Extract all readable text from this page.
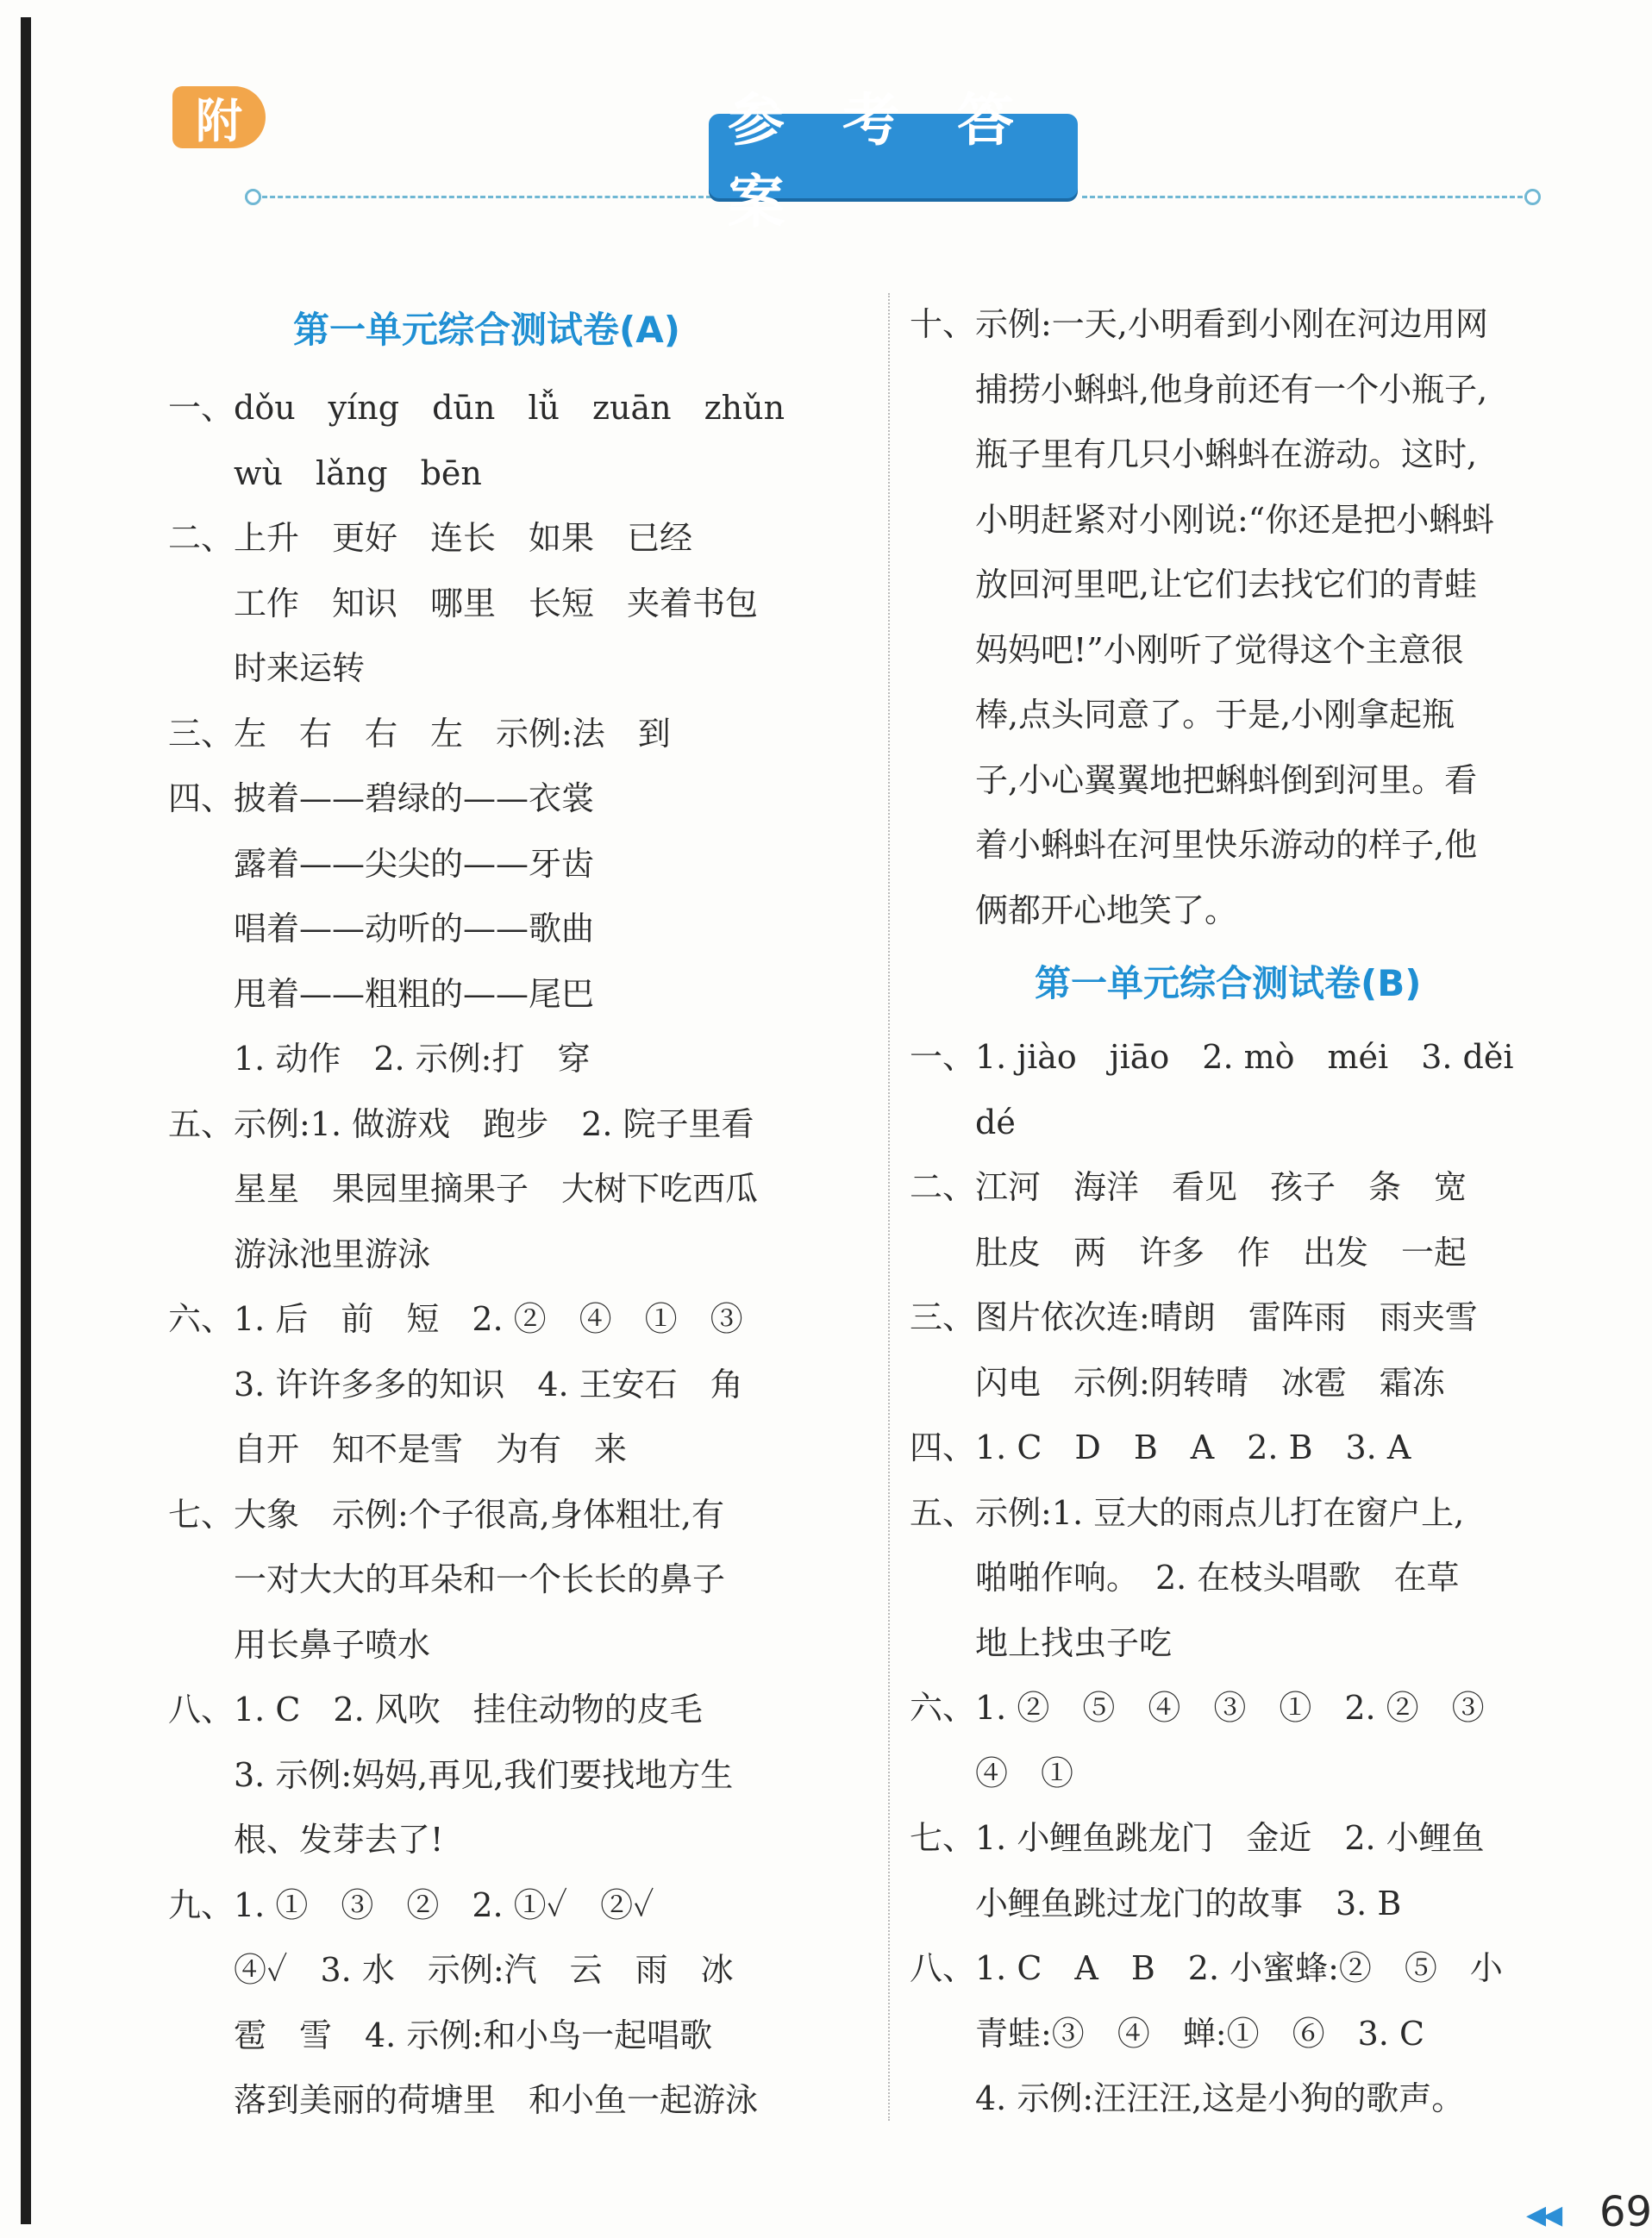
附	参 考 答 案
第一单元综合测试卷(A)
一、dǒu　yíng　dūn　lǚ　zuān　zhǔn
　　wù　lǎng　bēn
二、上升　更好　连长　如果　已经
　　工作　知识　哪里　长短　夹着书包
　　时来运转
三、左　右　右　左　示例:法　到
四、披着——碧绿的——衣裳
　　露着——尖尖的——牙齿
　　唱着——动听的——歌曲
　　甩着——粗粗的——尾巴
　　1. 动作　2. 示例:打　穿
五、示例:1. 做游戏　跑步　2. 院子里看
　　星星　果园里摘果子　大树下吃西瓜
　　游泳池里游泳
六、1. 后　前　短　2. ②　④　①　③
　　3. 许许多多的知识　4. 王安石　角
　　自开　知不是雪　为有　来
七、大象　示例:个子很高,身体粗壮,有
　　一对大大的耳朵和一个长长的鼻子
　　用长鼻子喷水
八、1. C　2. 风吹　挂住动物的皮毛
　　3. 示例:妈妈,再见,我们要找地方生
　　根、发芽去了!
九、1. ①　③　②　2. ①✓　②✓
　　④✓　3. 水　示例:汽　云　雨　冰
　　雹　雪　4. 示例:和小鸟一起唱歌
　　落到美丽的荷塘里　和小鱼一起游泳
十、示例:一天,小明看到小刚在河边用网
　　捕捞小蝌蚪,他身前还有一个小瓶子,
　　瓶子里有几只小蝌蚪在游动。这时,
　　小明赶紧对小刚说:“你还是把小蝌蚪
　　放回河里吧,让它们去找它们的青蛙
　　妈妈吧!”小刚听了觉得这个主意很
　　棒,点头同意了。于是,小刚拿起瓶
　　子,小心翼翼地把蝌蚪倒到河里。看
　　着小蝌蚪在河里快乐游动的样子,他
　　俩都开心地笑了。
第一单元综合测试卷(B)
一、1. jiào　jiāo　2. mò　méi　3. děi
　　dé
二、江河　海洋　看见　孩子　条　宽
　　肚皮　两　许多　作　出发　一起
三、图片依次连:晴朗　雷阵雨　雨夹雪
　　闪电　示例:阴转晴　冰雹　霜冻
四、1. C　D　B　A　2. B　3. A
五、示例:1. 豆大的雨点儿打在窗户上,
　　啪啪作响。　2. 在枝头唱歌　在草
　　地上找虫子吃
六、1. ②　⑤　④　③　①　2. ②　③
　　④　①
七、1. 小鲤鱼跳龙门　金近　2. 小鲤鱼
　　小鲤鱼跳过龙门的故事　3. B
八、1. C　A　B　2. 小蜜蜂:②　⑤　小
　　青蛙:③　④　蝉:①　⑥　3. C
　　4. 示例:汪汪汪,这是小狗的歌声。
◀◀ 69
